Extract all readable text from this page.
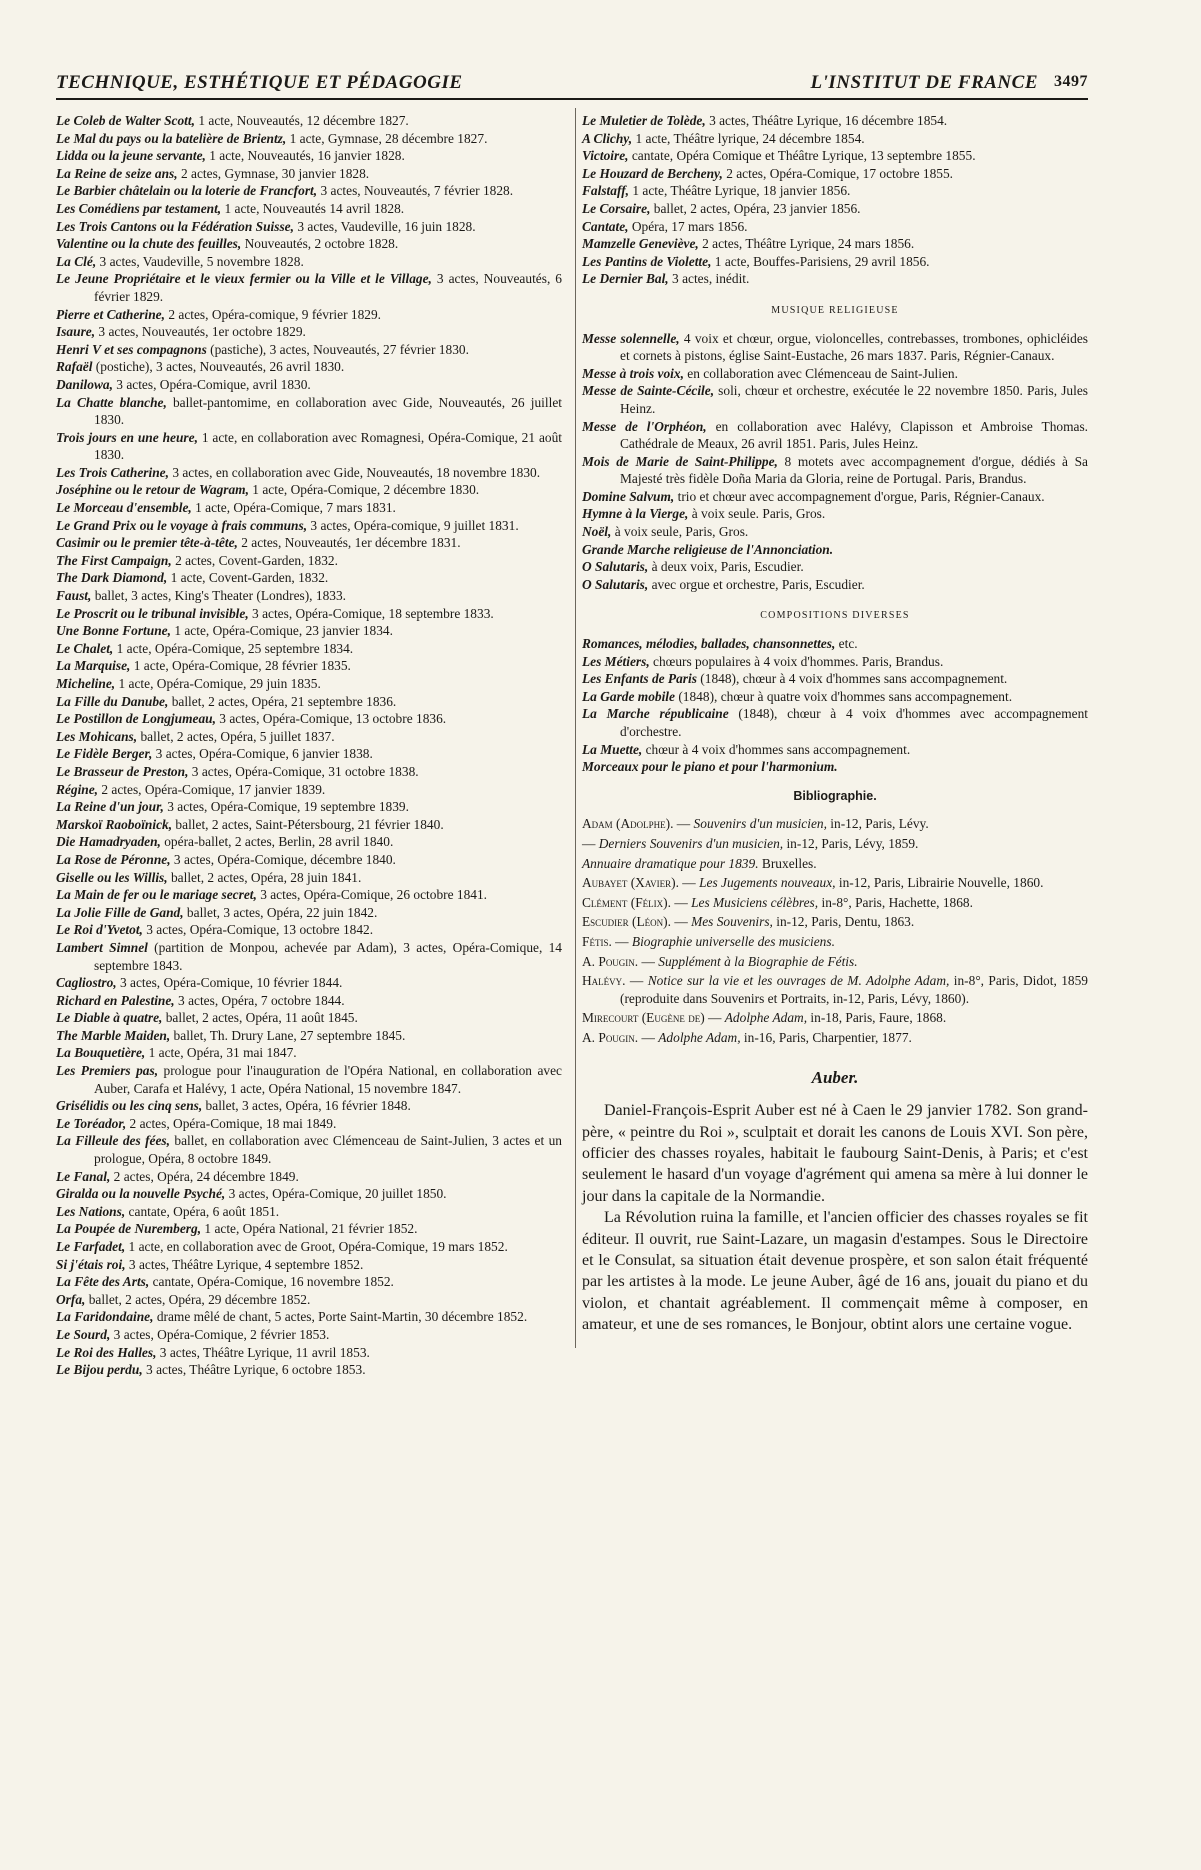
TECHNIQUE, ESTHÉTIQUE ET PÉDAGOGIE	L'INSTITUT DE FRANCE 3497

Le Coleb de Walter Scott, 1 acte, Nouveautés, 12 décembre 1827.

Le Mal du pays ou la batelière de Brientz, 1 acte, Gymnase, 28 décembre 1827.

Lidda ou la jeune servante, 1 acte, Nouveautés, 16 janvier 1828.

La Reine de seize ans, 2 actes, Gymnase, 30 janvier 1828.

Le Barbier châtelain ou la loterie de Francfort, 3 actes, Nouveautés, 7 février 1828.

Les Comédiens par testament, 1 acte, Nouveautés 14 avril 1828.

Les Trois Cantons ou la Fédération Suisse, 3 actes, Vaudeville, 16 juin 1828.

Valentine ou la chute des feuilles, Nouveautés, 2 octobre 1828.

La Clé, 3 actes, Vaudeville, 5 novembre 1828.

Le Jeune Propriétaire et le vieux fermier ou la Ville et le Village, 3 actes, Nouveautés, 6 février 1829.

Pierre et Catherine, 2 actes, Opéra-comique, 9 février 1829.

Isaure, 3 actes, Nouveautés, 1er octobre 1829.

Henri V et ses compagnons (pastiche), 3 actes, Nouveautés, 27 février 1830.

Rafaël (postiche), 3 actes, Nouveautés, 26 avril 1830.

Danilowa, 3 actes, Opéra-Comique, avril 1830.

La Chatte blanche, ballet-pantomime, en collaboration avec Gide, Nouveautés, 26 juillet 1830.

Trois jours en une heure, 1 acte, en collaboration avec Romagnesi, Opéra-Comique, 21 août 1830.

Les Trois Catherine, 3 actes, en collaboration avec Gide, Nouveautés, 18 novembre 1830.

Joséphine ou le retour de Wagram, 1 acte, Opéra-Comique, 2 décembre 1830.

Le Morceau d'ensemble, 1 acte, Opéra-Comique, 7 mars 1831.

Le Grand Prix ou le voyage à frais communs, 3 actes, Opéra-comique, 9 juillet 1831.

Casimir ou le premier tête-à-tête, 2 actes, Nouveautés, 1er décembre 1831.

The First Campaign, 2 actes, Covent-Garden, 1832.

The Dark Diamond, 1 acte, Covent-Garden, 1832.

Faust, ballet, 3 actes, King's Theater (Londres), 1833.

Le Proscrit ou le tribunal invisible, 3 actes, Opéra-Comique, 18 septembre 1833.

Une Bonne Fortune, 1 acte, Opéra-Comique, 23 janvier 1834.

Le Chalet, 1 acte, Opéra-Comique, 25 septembre 1834.

La Marquise, 1 acte, Opéra-Comique, 28 février 1835.

Micheline, 1 acte, Opéra-Comique, 29 juin 1835.

La Fille du Danube, ballet, 2 actes, Opéra, 21 septembre 1836.

Le Postillon de Longjumeau, 3 actes, Opéra-Comique, 13 octobre 1836.

Les Mohicans, ballet, 2 actes, Opéra, 5 juillet 1837.

Le Fidèle Berger, 3 actes, Opéra-Comique, 6 janvier 1838.

Le Brasseur de Preston, 3 actes, Opéra-Comique, 31 octobre 1838.

Régine, 2 actes, Opéra-Comique, 17 janvier 1839.

La Reine d'un jour, 3 actes, Opéra-Comique, 19 septembre 1839.

Marskoï Raoboïnick, ballet, 2 actes, Saint-Pétersbourg, 21 février 1840.

Die Hamadryaden, opéra-ballet, 2 actes, Berlin, 28 avril 1840.

La Rose de Péronne, 3 actes, Opéra-Comique, décembre 1840.

Giselle ou les Willis, ballet, 2 actes, Opéra, 28 juin 1841.

La Main de fer ou le mariage secret, 3 actes, Opéra-Comique, 26 octobre 1841.

La Jolie Fille de Gand, ballet, 3 actes, Opéra, 22 juin 1842.

Le Roi d'Yvetot, 3 actes, Opéra-Comique, 13 octobre 1842.

Lambert Simnel (partition de Monpou, achevée par Adam), 3 actes, Opéra-Comique, 14 septembre 1843.

Cagliostro, 3 actes, Opéra-Comique, 10 février 1844.

Richard en Palestine, 3 actes, Opéra, 7 octobre 1844.

Le Diable à quatre, ballet, 2 actes, Opéra, 11 août 1845.

The Marble Maiden, ballet, Th. Drury Lane, 27 septembre 1845.

La Bouquetière, 1 acte, Opéra, 31 mai 1847.

Les Premiers pas, prologue pour l'inauguration de l'Opéra National, en collaboration avec Auber, Carafa et Halévy, 1 acte, Opéra National, 15 novembre 1847.

Grisélidis ou les cinq sens, ballet, 3 actes, Opéra, 16 février 1848.

Le Toréador, 2 actes, Opéra-Comique, 18 mai 1849.

La Filleule des fées, ballet, en collaboration avec Clémenceau de Saint-Julien, 3 actes et un prologue, Opéra, 8 octobre 1849.

Le Fanal, 2 actes, Opéra, 24 décembre 1849.

Giralda ou la nouvelle Psyché, 3 actes, Opéra-Comique, 20 juillet 1850.

Les Nations, cantate, Opéra, 6 août 1851.

La Poupée de Nuremberg, 1 acte, Opéra National, 21 février 1852.

Le Farfadet, 1 acte, en collaboration avec de Groot, Opéra-Comique, 19 mars 1852.

Si j'étais roi, 3 actes, Théâtre Lyrique, 4 septembre 1852.

La Fête des Arts, cantate, Opéra-Comique, 16 novembre 1852.

Orfa, ballet, 2 actes, Opéra, 29 décembre 1852.

La Faridondaine, drame mêlé de chant, 5 actes, Porte Saint-Martin, 30 décembre 1852.

Le Sourd, 3 actes, Opéra-Comique, 2 février 1853.

Le Roi des Halles, 3 actes, Théâtre Lyrique, 11 avril 1853.

Le Bijou perdu, 3 actes, Théâtre Lyrique, 6 octobre 1853.

Le Muletier de Tolède, 3 actes, Théâtre Lyrique, 16 décembre 1854.

A Clichy, 1 acte, Théâtre lyrique, 24 décembre 1854.

Victoire, cantate, Opéra Comique et Théâtre Lyrique, 13 septembre 1855.

Le Houzard de Bercheny, 2 actes, Opéra-Comique, 17 octobre 1855.

Falstaff, 1 acte, Théâtre Lyrique, 18 janvier 1856.

Le Corsaire, ballet, 2 actes, Opéra, 23 janvier 1856.

Cantate, Opéra, 17 mars 1856.

Mamzelle Geneviève, 2 actes, Théâtre Lyrique, 24 mars 1856.

Les Pantins de Violette, 1 acte, Bouffes-Parisiens, 29 avril 1856.

Le Dernier Bal, 3 actes, inédit.

MUSIQUE RELIGIEUSE

Messe solennelle, 4 voix et chœur, orgue, violoncelles, contrebasses, trombones, ophicléides et cornets à pistons, église Saint-Eustache, 26 mars 1837. Paris, Régnier-Canaux.

Messe à trois voix, en collaboration avec Clémenceau de Saint-Julien.

Messe de Sainte-Cécile, soli, chœur et orchestre, exécutée le 22 novembre 1850. Paris, Jules Heinz.

Messe de l'Orphéon, en collaboration avec Halévy, Clapisson et Ambroise Thomas. Cathédrale de Meaux, 26 avril 1851. Paris, Jules Heinz.

Mois de Marie de Saint-Philippe, 8 motets avec accompagnement d'orgue, dédiés à Sa Majesté très fidèle Doña Maria da Gloria, reine de Portugal. Paris, Brandus.

Domine Salvum, trio et chœur avec accompagnement d'orgue, Paris, Régnier-Canaux.

Hymne à la Vierge, à voix seule. Paris, Gros.

Noël, à voix seule, Paris, Gros.

Grande Marche religieuse de l'Annonciation.

O Salutaris, à deux voix, Paris, Escudier.

O Salutaris, avec orgue et orchestre, Paris, Escudier.

COMPOSITIONS DIVERSES

Romances, mélodies, ballades, chansonnettes, etc.

Les Métiers, chœurs populaires à 4 voix d'hommes. Paris, Brandus.

Les Enfants de Paris (1848), chœur à 4 voix d'hommes sans accompagnement.

La Garde mobile (1848), chœur à quatre voix d'hommes sans accompagnement.

La Marche républicaine (1848), chœur à 4 voix d'hommes avec accompagnement d'orchestre.

La Muette, chœur à 4 voix d'hommes sans accompagnement.

Morceaux pour le piano et pour l'harmonium.

Bibliographie.

Adam (Adolphe). — Souvenirs d'un musicien, in-12, Paris, Lévy.

— Derniers Souvenirs d'un musicien, in-12, Paris, Lévy, 1859.

Annuaire dramatique pour 1839. Bruxelles.

Aubayet (Xavier). — Les Jugements nouveaux, in-12, Paris, Librairie Nouvelle, 1860.

Clément (Félix). — Les Musiciens célèbres, in-8°, Paris, Hachette, 1868.

Escudier (Léon). — Mes Souvenirs, in-12, Paris, Dentu, 1863.

Fétis. — Biographie universelle des musiciens.

A. Pougin. — Supplément à la Biographie de Fétis.

Halévy. — Notice sur la vie et les ouvrages de M. Adolphe Adam, in-8°, Paris, Didot, 1859 (reproduite dans Souvenirs et Portraits, in-12, Paris, Lévy, 1860).

Mirecourt (Eugène de) — Adolphe Adam, in-18, Paris, Faure, 1868.

A. Pougin. — Adolphe Adam, in-16, Paris, Charpentier, 1877.

Auber.

Daniel-François-Esprit Auber est né à Caen le 29 janvier 1782. Son grand-père, « peintre du Roi », sculptait et dorait les canons de Louis XVI. Son père, officier des chasses royales, habitait le faubourg Saint-Denis, à Paris; et c'est seulement le hasard d'un voyage d'agrément qui amena sa mère à lui donner le jour dans la capitale de la Normandie.

La Révolution ruina la famille, et l'ancien officier des chasses royales se fit éditeur. Il ouvrit, rue Saint-Lazare, un magasin d'estampes. Sous le Directoire et le Consulat, sa situation était devenue prospère, et son salon était fréquenté par les artistes à la mode. Le jeune Auber, âgé de 16 ans, jouait du piano et du violon, et chantait agréablement. Il commençait même à composer, en amateur, et une de ses romances, le Bonjour, obtint alors une certaine vogue.
